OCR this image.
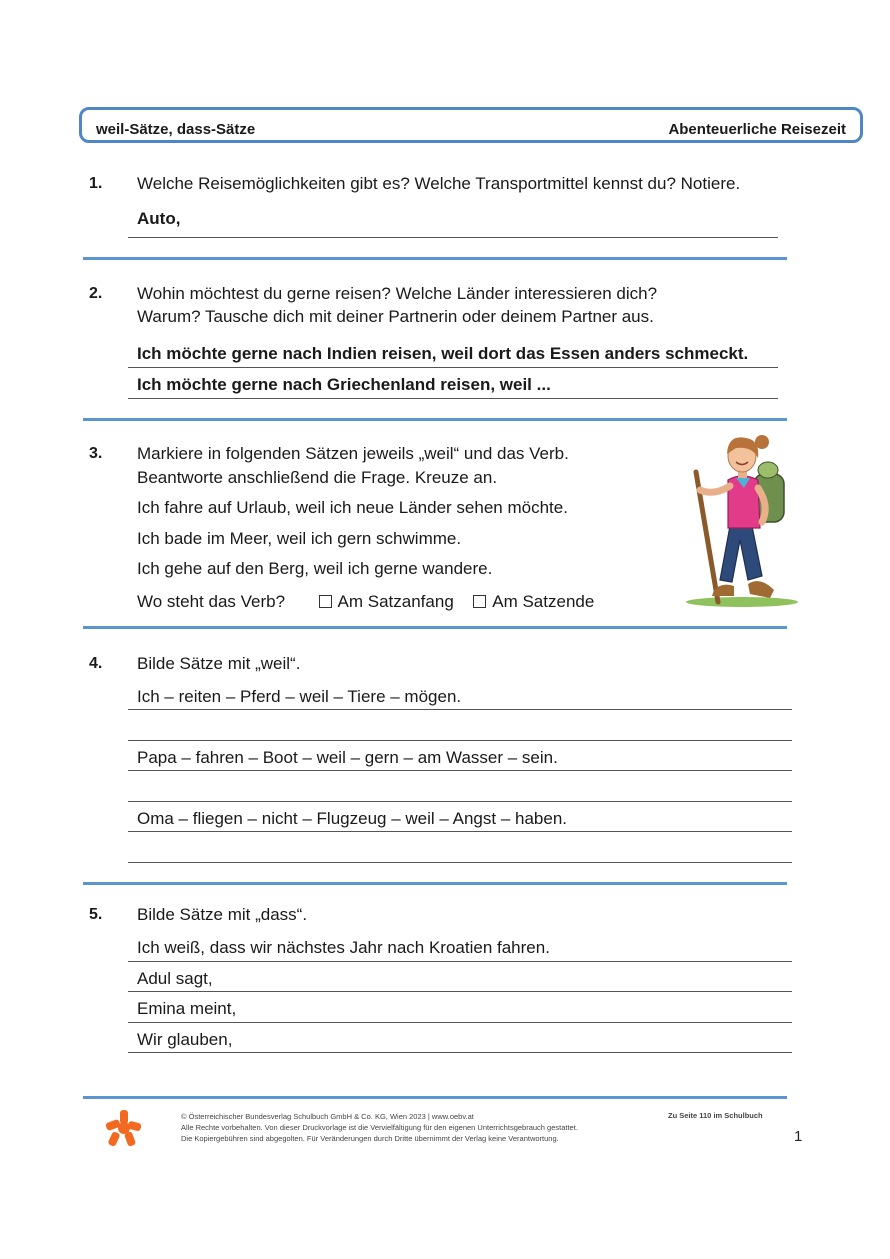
weil-Sätze, dass-Sätze	Abenteuerliche Reisezeit
1. Welche Reisemöglichkeiten gibt es? Welche Transportmittel kennst du? Notiere.
Auto,
2. Wohin möchtest du gerne reisen? Welche Länder interessieren dich?
Warum? Tausche dich mit deiner Partnerin oder deinem Partner aus.
Ich möchte gerne nach Indien reisen, weil dort das Essen anders schmeckt.
Ich möchte gerne nach Griechenland reisen, weil ...
3. Markiere in folgenden Sätzen jeweils „weil“ und das Verb.
Beantworte anschließend die Frage. Kreuze an.
Ich fahre auf Urlaub, weil ich neue Länder sehen möchte.
Ich bade im Meer, weil ich gern schwimme.
Ich gehe auf den Berg, weil ich gerne wandere.
Wo steht das Verb?	Am Satzanfang Am Satzende
4. Bilde Sätze mit „weil“.
Ich – reiten – Pferd – weil – Tiere – mögen.
Papa – fahren – Boot – weil – gern – am Wasser – sein.
Oma – fliegen – nicht – Flugzeug – weil – Angst – haben.
5. Bilde Sätze mit „dass“.
Ich weiß, dass wir nächstes Jahr nach Kroatien fahren.
Adul sagt,
Emina meint,
Wir glauben,
© Österreichischer Bundesverlag Schulbuch GmbH & Co. KG, Wien 2023 | www.oebv.at
Alle Rechte vorbehalten. Von dieser Druckvorlage ist die Vervielfältigung für den eigenen Unterrichtsgebrauch gestattet.
Die Kopiergebühren sind abgegolten. Für Veränderungen durch Dritte übernimmt der Verlag keine Verantwortung.
Zu Seite 110 im Schulbuch
1
